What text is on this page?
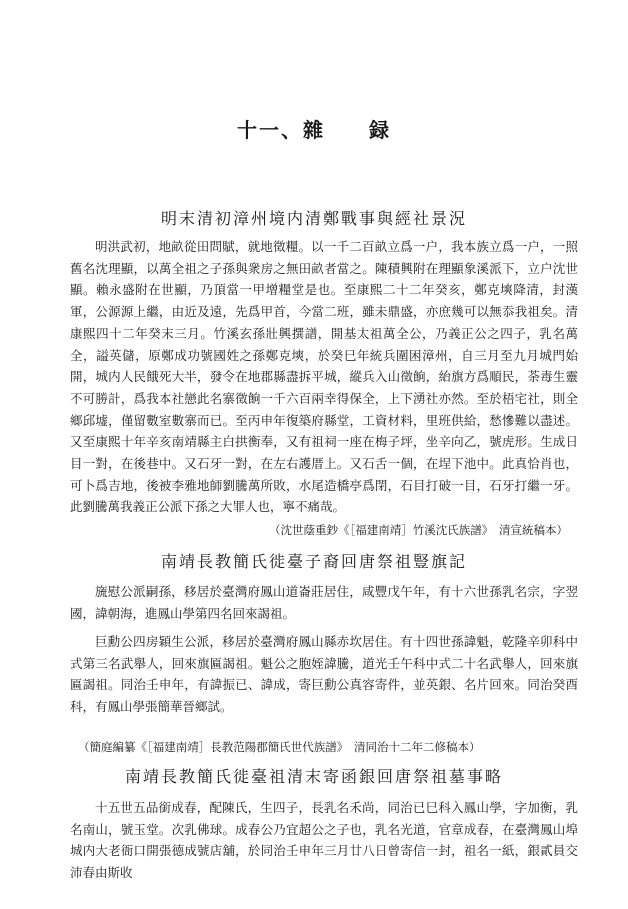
十一、雜　　録
明末清初漳州境内清鄭戰事與經社景況

明洪武初，地畝從田問賦，就地徵糧。以一千二百畝立爲一户，我本族立爲一户，一照舊名沈理顯，以萬全祖之子孫與衆房之無田畝者當之。陳積興附在理顯象溪派下，立户沈世顯。賴永盛附在世顯，乃頂當一甲增糧堂是也。至康熙二十二年癸亥，鄭克塽降清，封漢軍，公源源上繼，由近及遠，先爲甲首，今當二班，雖未鼎盛，亦庶幾可以無忝我祖矣。清康熙四十二年癸末三月。竹溪玄孫壯興撰譜，開基太祖萬全公，乃義正公之四子，乳名萬全，謚英儲，原鄭成功號國姓之孫鄭克塽，於癸巳年統兵圍困漳州，自三月至九月城門始開，城内人民餓死大半，發令在地郡縣盡拆平城，縱兵入山徵餉，紿旗方爲順民，荼毒生靈不可勝計，爲我本社戀此名寨徵餉一千六百兩幸得保全，上下湧社亦然。至於梧宅社，則全鄉邱墟，僅留數室數寨而已。至丙申年復築府縣堂，工資材料，里班供給，愁慘難以盡述。又至康熙十年辛亥南靖縣主白拱衡奉，又有祖祠一座在梅子坪，坐辛向乙，號虎形。生成日目一對，在後巷中。又石牙一對，在左右護厝上。又石舌一個，在埕下池中。此真恰肖也，可卜爲吉地，後被李雅地師劉騰萬所敗，水尾造橋亭爲閉，石目打破一目，石牙打繼一牙。此劉騰萬我義正公派下孫之大罪人也，寧不痛哉。

（沈世蔭重鈔《［福建南靖］竹溪沈氏族譜》　清宣統稿本）
南靖長教簡氏徙臺子裔回唐祭祖豎旗記

旒慰公派嗣孫，移居於臺灣府鳳山道崙莊居住，咸豐戊午年，有十六世孫乳名宗，字翌國，諱朝海，進鳳山學第四名回來謁祖。

巨勳公四房穎生公派，移居於臺灣府鳳山縣赤坎居住。有十四世孫諱魁，乾隆辛卯科中式第三名武舉人，回來旗匾謁祖。魁公之胞姪諱騰，道光壬午科中式二十名武舉人，回來旗匾謁祖。同治壬申年，有諱振已、諱成，寄巨勳公真容寄件，並英銀、名片回來。同治癸酉科，有鳳山學張簡華晉鄉試。

（簡庭編纂《［福建南靖］長教范陽郡簡氏世代族譜》　清同治十二年二修稿本）
南靖長教簡氏徙臺祖清末寄函銀回唐祭祖墓事略

十五世五品銜成春，配陳氏，生四子，長乳名禾尚，同治已巳科入鳳山學，字加衡，乳名南山，號玉堂。次乳佛球。成春公乃宜超公之子也，乳名光道，官章成春，在臺灣鳳山埠城内大老衙口開張德成號店舖，於同治壬申年三月廿八日曾寄信一封，祖名一紙，銀貳員交沛春由斯收
